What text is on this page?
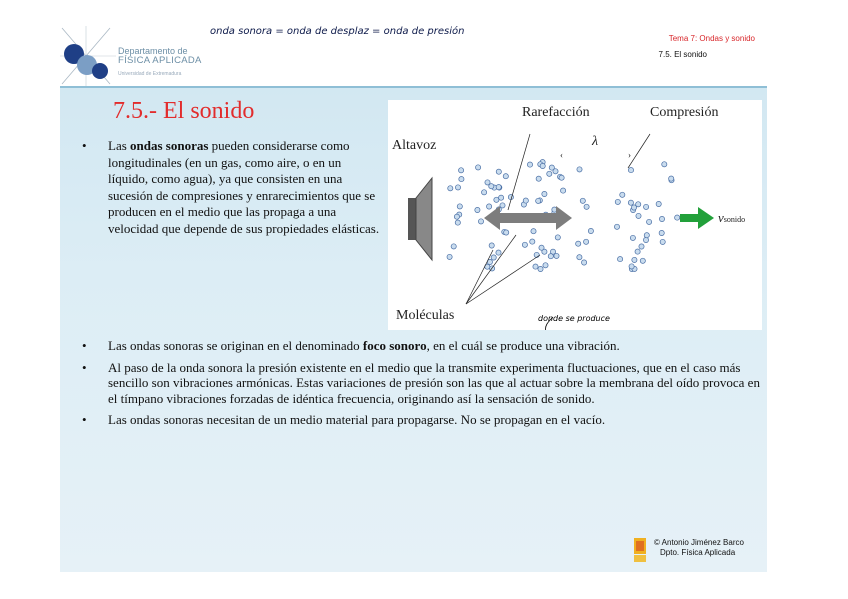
Departamento de
FÍSICA APLICADA
Universidad de Extremadura
onda sonora = onda de desplaz = onda de presión
Tema 7: Ondas y sonido
7.5. El sonido
7.5.- El sonido
‹	›
Altavoz
Rarefacción	Compresión
λ
vsonido
Moléculas	donde se produce
•	Las ondas sonoras pueden considerarse como longitudinales (en un gas, como aire, o en un líquido, como agua), ya que consisten en una sucesión de compresiones y enrarecimientos que se producen en el medio que las propaga a una velocidad que depende de sus propiedades elásticas.

•	Las ondas sonoras se originan en el denominado foco sonoro, en el cuál se produce una vibración.

•	Al paso de la onda sonora la presión existente en el medio que la transmite experimenta fluctuaciones, que en el caso más sencillo son vibraciones armónicas. Estas variaciones de presión son las que al actuar sobre la membrana del oído provoca en el tímpano vibraciones forzadas de idéntica frecuencia, originando así la sensación de sonido.

•	Las ondas sonoras necesitan de un medio material para propagarse. No se propagan en el vacío.

© Antonio Jiménez Barco
Dpto. Física Aplicada
